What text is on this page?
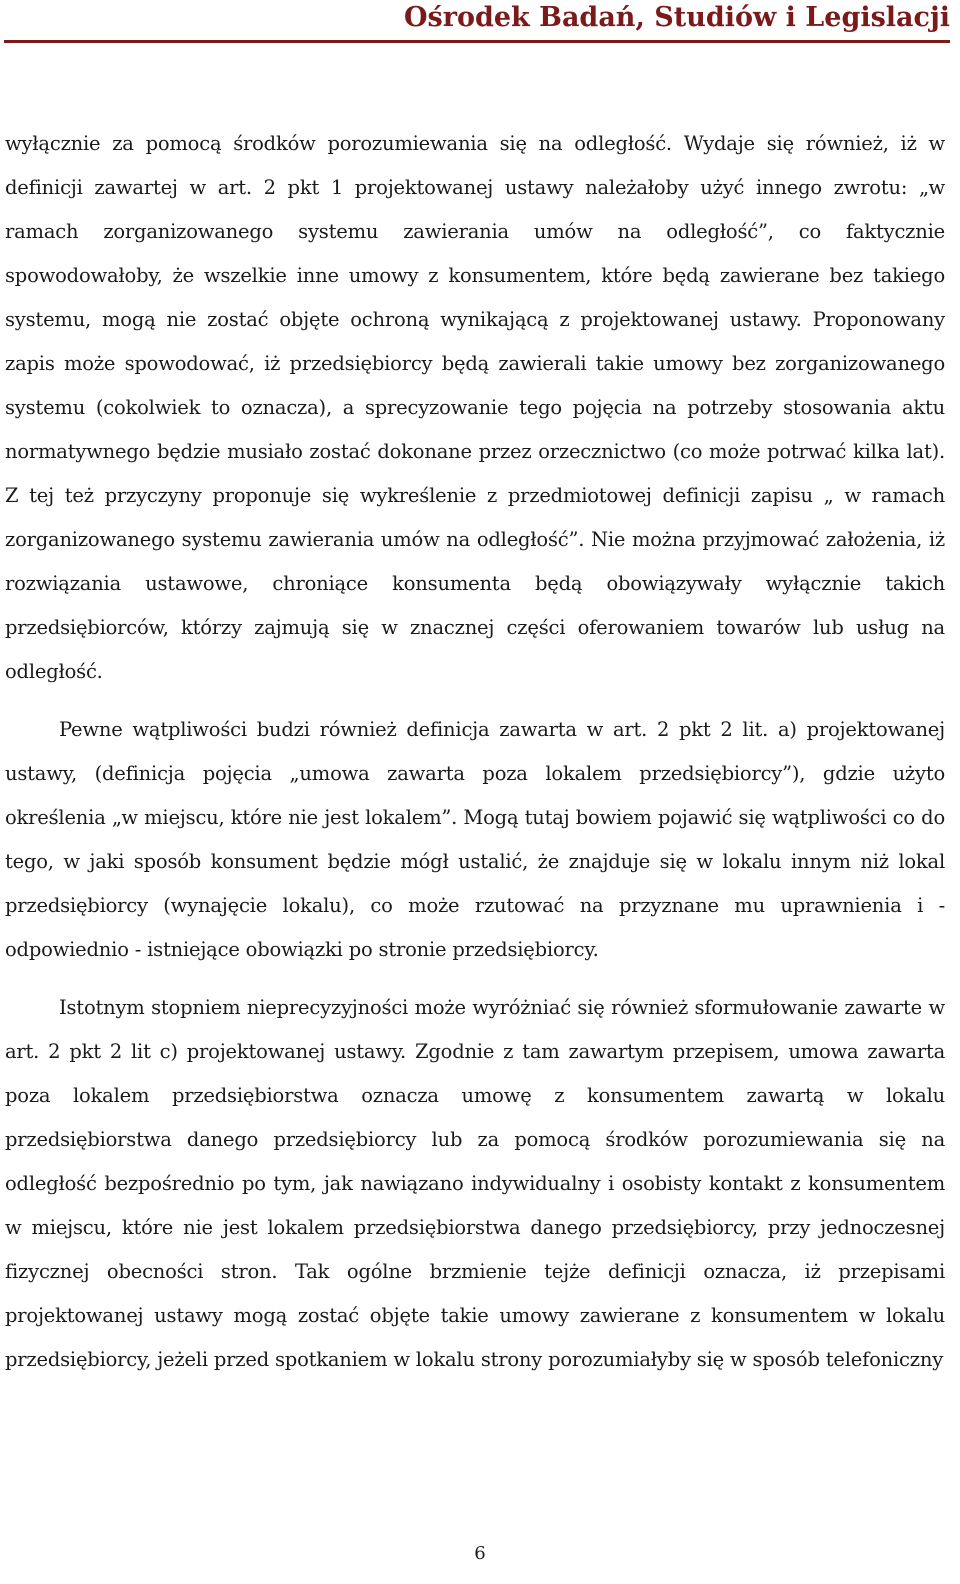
Ośrodek Badań, Studiów i Legislacji

wyłącznie za pomocą środków porozumiewania się na odległość. Wydaje się również, iż w definicji zawartej w art. 2 pkt 1 projektowanej ustawy należałoby użyć innego zwrotu: „w ramach zorganizowanego systemu zawierania umów na odległość”, co faktycznie spowodowałoby, że wszelkie inne umowy z konsumentem, które będą zawierane bez takiego systemu, mogą nie zostać objęte ochroną wynikającą z projektowanej ustawy. Proponowany zapis może spowodować, iż przedsiębiorcy będą zawierali takie umowy bez zorganizowanego systemu (cokolwiek to oznacza), a sprecyzowanie tego pojęcia na potrzeby stosowania aktu normatywnego będzie musiało zostać dokonane przez orzecznictwo (co może potrwać kilka lat). Z tej też przyczyny proponuje się wykreślenie z przedmiotowej definicji zapisu „ w ramach zorganizowanego systemu zawierania umów na odległość”. Nie można przyjmować założenia, iż rozwiązania ustawowe, chroniące konsumenta będą obowiązywały wyłącznie takich przedsiębiorców, którzy zajmują się w znacznej części oferowaniem towarów lub usług na odległość.

Pewne wątpliwości budzi również definicja zawarta w art. 2 pkt 2 lit. a) projektowanej ustawy, (definicja pojęcia „umowa zawarta poza lokalem przedsiębiorcy”), gdzie użyto określenia „w miejscu, które nie jest lokalem”. Mogą tutaj bowiem pojawić się wątpliwości co do tego, w jaki sposób konsument będzie mógł ustalić, że znajduje się w lokalu innym niż lokal przedsiębiorcy (wynajęcie lokalu), co może rzutować na przyznane mu uprawnienia i - odpowiednio - istniejące obowiązki po stronie przedsiębiorcy.

Istotnym stopniem nieprecyzyjności może wyróżniać się również sformułowanie zawarte w art. 2 pkt 2 lit c) projektowanej ustawy. Zgodnie z tam zawartym przepisem, umowa zawarta poza lokalem przedsiębiorstwa oznacza umowę z konsumentem zawartą w lokalu przedsiębiorstwa danego przedsiębiorcy lub za pomocą środków porozumiewania się na odległość bezpośrednio po tym, jak nawiązano indywidualny i osobisty kontakt z konsumentem w miejscu, które nie jest lokalem przedsiębiorstwa danego przedsiębiorcy, przy jednoczesnej fizycznej obecności stron. Tak ogólne brzmienie tejże definicji oznacza, iż przepisami projektowanej ustawy mogą zostać objęte takie umowy zawierane z konsumentem w lokalu przedsiębiorcy, jeżeli przed spotkaniem w lokalu strony porozumiałyby się w sposób telefoniczny

6
